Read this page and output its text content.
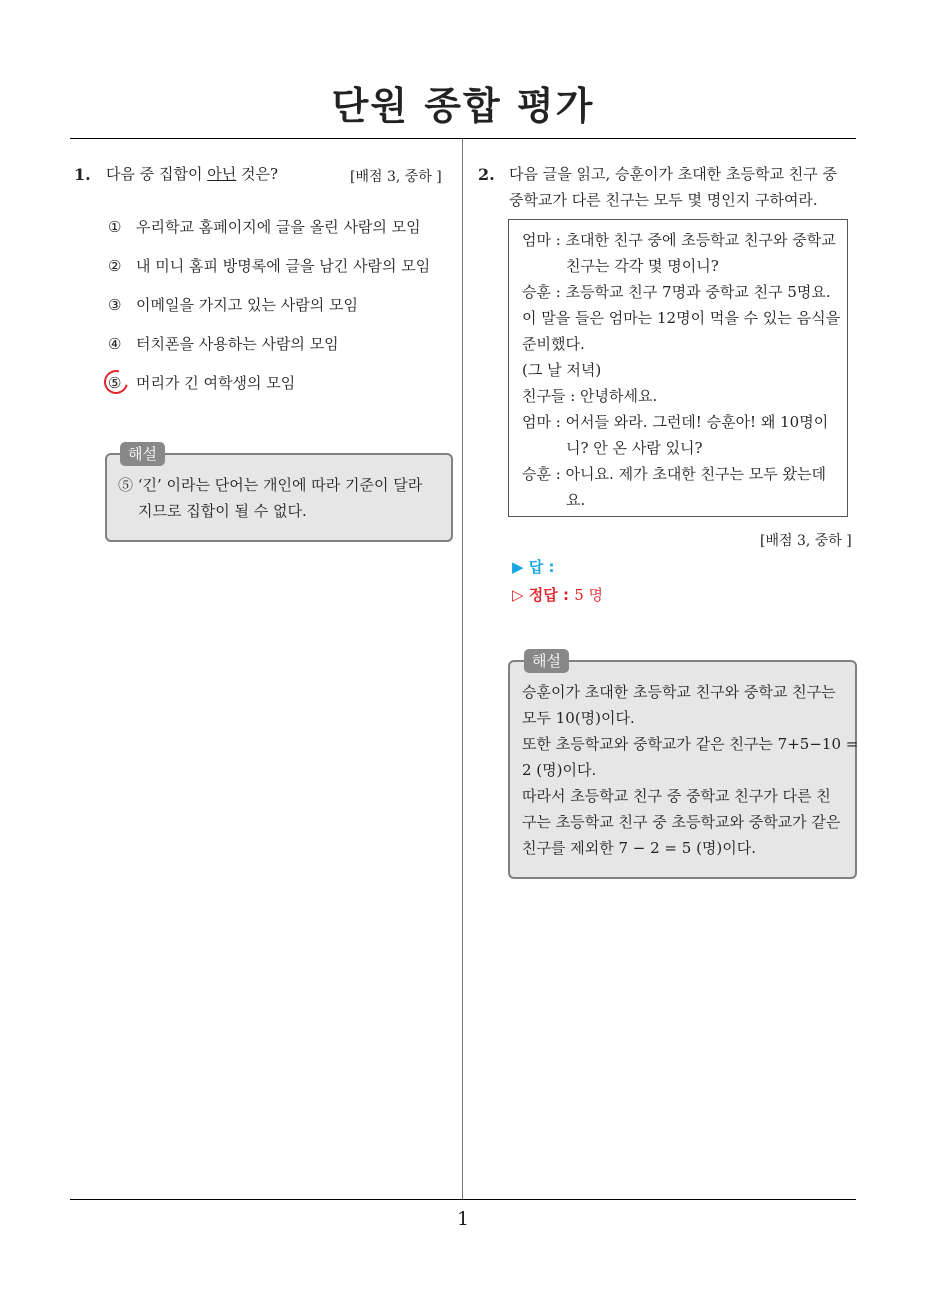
단원 종합 평가
1. 다음 중 집합이 아닌 것은?	[배점 3, 중하 ]
① 우리학교 홈페이지에 글을 올린 사람의 모임
② 내 미니 홈피 방명록에 글을 남긴 사람의 모임
③ 이메일을 가지고 있는 사람의 모임
④ 터치폰을 사용하는 사람의 모임
⑤ 머리가 긴 여학생의 모임
해설
⑤ ‘긴’ 이라는 단어는 개인에 따라 기준이 달라
지므로 집합이 될 수 없다.
2. 다음 글을 읽고, 승훈이가 초대한 초등학교 친구 중
중학교가 다른 친구는 모두 몇 명인지 구하여라.
엄마 : 초대한 친구 중에 초등학교 친구와 중학교
친구는 각각 몇 명이니?
승훈 : 초등학교 친구 7명과 중학교 친구 5명요.
이 말을 들은 엄마는 12명이 먹을 수 있는 음식을
준비했다.
(그 날 저녁)
친구들 : 안녕하세요.
엄마 : 어서들 와라. 그런데! 승훈아! 왜 10명이
니? 안 온 사람 있니?
승훈 : 아니요. 제가 초대한 친구는 모두 왔는데
요.
[배점 3, 중하 ]
▶ 답 :
▷ 정답 : 5 명
해설
승훈이가 초대한 초등학교 친구와 중학교 친구는
모두 10(명)이다.
또한 초등학교와 중학교가 같은 친구는 7+5−10 =
2 (명)이다.
따라서 초등학교 친구 중 중학교 친구가 다른 친
구는 초등학교 친구 중 초등학교와 중학교가 같은
친구를 제외한 7 − 2 = 5 (명)이다.
1
